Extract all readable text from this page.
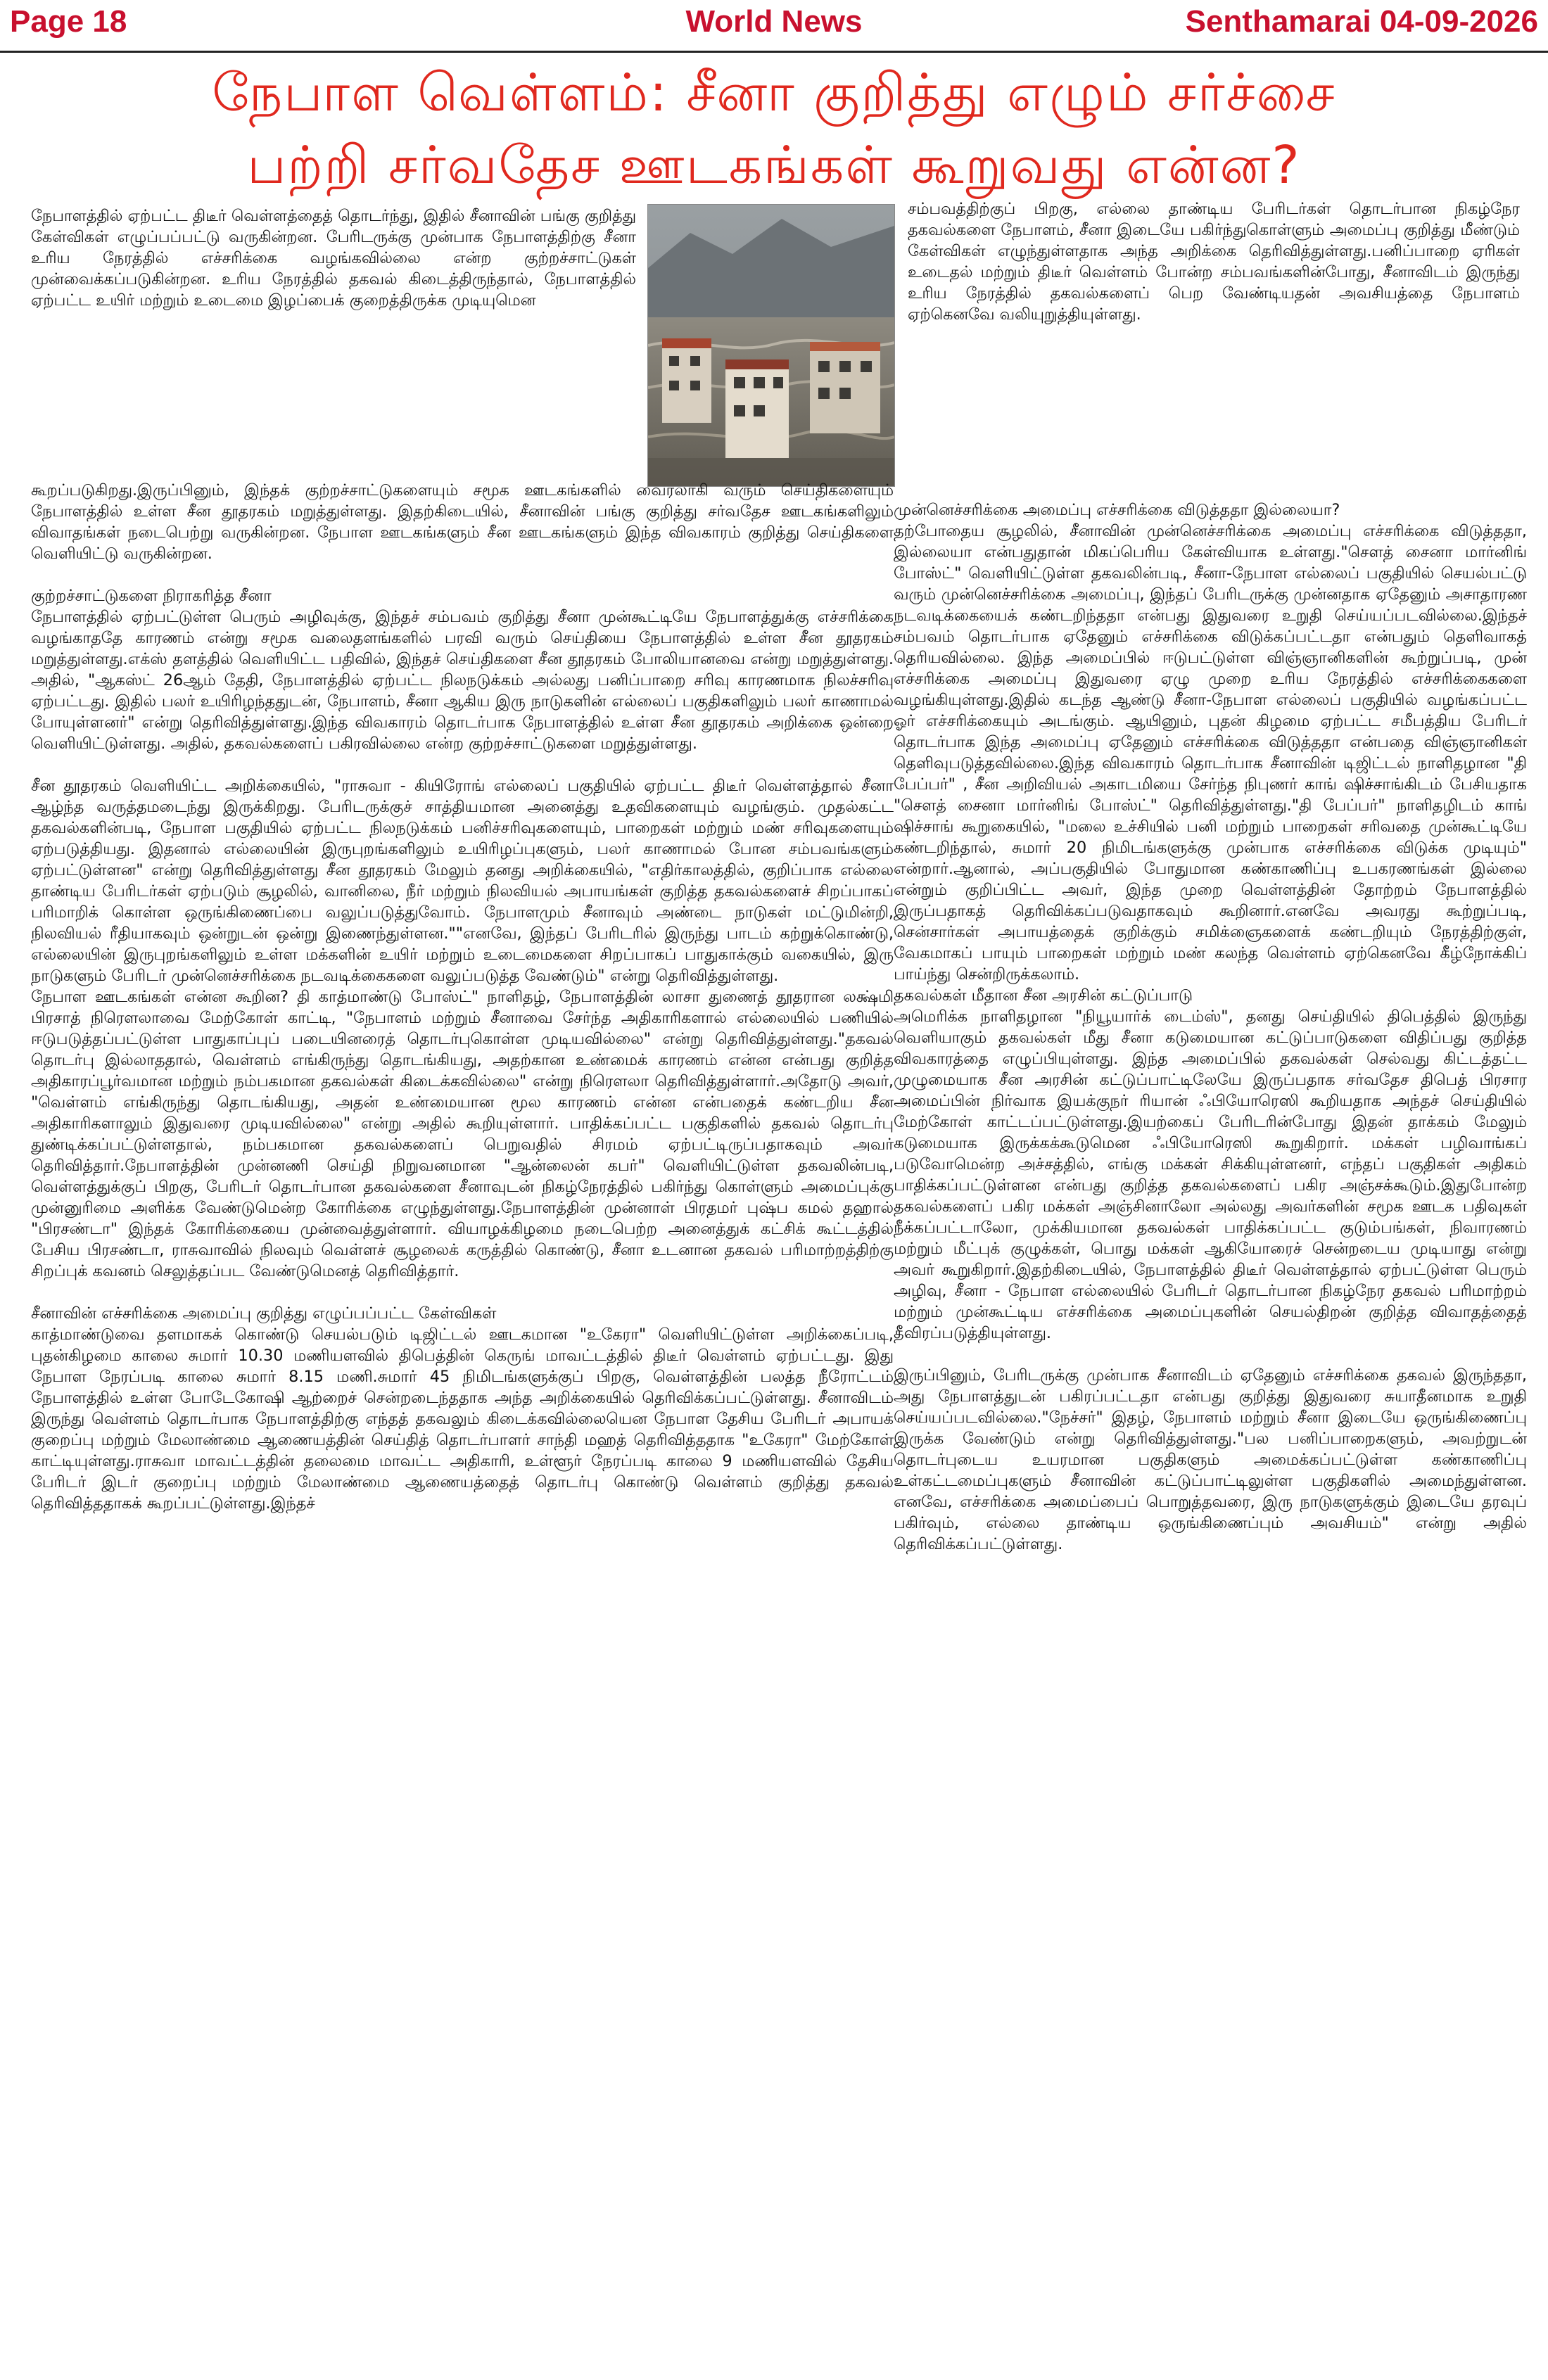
Page 18	World News	Senthamarai 04-09-2026
நேபாள வெள்ளம்: சீனா குறித்து எழும் சர்ச்சை
பற்றி சர்வதேச ஊடகங்கள் கூறுவது என்ன?

நேபாளத்தில் ஏற்பட்ட திடீர் வெள்ளத்தைத் தொடர்ந்து, இதில் சீனாவின் பங்கு குறித்து கேள்விகள் எழுப்பப்பட்டு வருகின்றன. பேரிடருக்கு முன்பாக நேபாளத்திற்கு சீனா உரிய நேரத்தில் எச்சரிக்கை வழங்கவில்லை என்ற குற்றச்சாட்டுகள் முன்வைக்கப்படுகின்றன. உரிய நேரத்தில் தகவல் கிடைத்திருந்தால், நேபாளத்தில் ஏற்பட்ட உயிர் மற்றும் உடைமை இழப்பைக் குறைத்திருக்க முடியுமென

கூறப்படுகிறது.இருப்பினும், இந்தக் குற்றச்சாட்டுகளையும் சமூக ஊடகங்களில் வைரலாகி வரும் செய்திகளையும் நேபாளத்தில் உள்ள சீன தூதரகம் மறுத்துள்ளது. இதற்கிடையில், சீனாவின் பங்கு குறித்து சர்வதேச ஊடகங்களிலும் விவாதங்கள் நடைபெற்று வருகின்றன. நேபாள ஊடகங்களும் சீன ஊடகங்களும் இந்த விவகாரம் குறித்து செய்திகளை வெளியிட்டு வருகின்றன.

குற்றச்சாட்டுகளை நிராகரித்த சீனா

நேபாளத்தில் ஏற்பட்டுள்ள பெரும் அழிவுக்கு, இந்தச் சம்பவம் குறித்து சீனா முன்கூட்டியே நேபாளத்துக்கு எச்சரிக்கை வழங்காததே காரணம் என்று சமூக வலைதளங்களில் பரவி வரும் செய்தியை நேபாளத்தில் உள்ள சீன தூதரகம் மறுத்துள்ளது.எக்ஸ் தளத்தில் வெளியிட்ட பதிவில், இந்தச் செய்திகளை சீன தூதரகம் போலியானவை என்று மறுத்துள்ளது. அதில், "ஆகஸ்ட் 26ஆம் தேதி, நேபாளத்தில் ஏற்பட்ட நிலநடுக்கம் அல்லது பனிப்பாறை சரிவு காரணமாக நிலச்சரிவு ஏற்பட்டது. இதில் பலர் உயிரிழந்ததுடன், நேபாளம், சீனா ஆகிய இரு நாடுகளின் எல்லைப் பகுதிகளிலும் பலர் காணாமல் போயுள்ளனர்" என்று தெரிவித்துள்ளது.இந்த விவகாரம் தொடர்பாக நேபாளத்தில் உள்ள சீன தூதரகம் அறிக்கை ஒன்றை வெளியிட்டுள்ளது. அதில், தகவல்களைப் பகிரவில்லை என்ற குற்றச்சாட்டுகளை மறுத்துள்ளது.

சீன தூதரகம் வெளியிட்ட அறிக்கையில், "ராசுவா - கியிரோங் எல்லைப் பகுதியில் ஏற்பட்ட திடீர் வெள்ளத்தால் சீனா ஆழ்ந்த வருத்தமடைந்து இருக்கிறது. பேரிடருக்குச் சாத்தியமான அனைத்து உதவிகளையும் வழங்கும். முதல்கட்ட தகவல்களின்படி, நேபாள பகுதியில் ஏற்பட்ட நிலநடுக்கம் பனிச்சரிவுகளையும், பாறைகள் மற்றும் மண் சரிவுகளையும் ஏற்படுத்தியது. இதனால் எல்லையின் இருபுறங்களிலும் உயிரிழப்புகளும், பலர் காணாமல் போன சம்பவங்களும் ஏற்பட்டுள்ளன" என்று தெரிவித்துள்ளது சீன தூதரகம் மேலும் தனது அறிக்கையில், "எதிர்காலத்தில், குறிப்பாக எல்லை தாண்டிய பேரிடர்கள் ஏற்படும் சூழலில், வானிலை, நீர் மற்றும் நிலவியல் அபாயங்கள் குறித்த தகவல்களைச் சிறப்பாகப் பரிமாறிக் கொள்ள ஒருங்கிணைப்பை வலுப்படுத்துவோம். நேபாளமும் சீனாவும் அண்டை நாடுகள் மட்டுமின்றி, நிலவியல் ரீதியாகவும் ஒன்றுடன் ஒன்று இணைந்துள்ளன.""எனவே, இந்தப் பேரிடரில் இருந்து பாடம் கற்றுக்கொண்டு, எல்லையின் இருபுறங்களிலும் உள்ள மக்களின் உயிர் மற்றும் உடைமைகளை சிறப்பாகப் பாதுகாக்கும் வகையில், இரு நாடுகளும் பேரிடர் முன்னெச்சரிக்கை நடவடிக்கைகளை வலுப்படுத்த வேண்டும்" என்று தெரிவித்துள்ளது.

நேபாள ஊடகங்கள் என்ன கூறின? தி காத்மாண்டு போஸ்ட்" நாளிதழ், நேபாளத்தின் லாசா துணைத் தூதரான லக்ஷ்மி பிரசாத் நிரௌலாவை மேற்கோள் காட்டி, "நேபாளம் மற்றும் சீனாவை சேர்ந்த அதிகாரிகளால் எல்லையில் பணியில் ஈடுபடுத்தப்பட்டுள்ள பாதுகாப்புப் படையினரைத் தொடர்புகொள்ள முடியவில்லை" என்று தெரிவித்துள்ளது."தகவல் தொடர்பு இல்லாததால், வெள்ளம் எங்கிருந்து தொடங்கியது, அதற்கான உண்மைக் காரணம் என்ன என்பது குறித்த அதிகாரப்பூர்வமான மற்றும் நம்பகமான தகவல்கள் கிடைக்கவில்லை" என்று நிரௌலா தெரிவித்துள்ளார்.அதோடு அவர், "வெள்ளம் எங்கிருந்து தொடங்கியது, அதன் உண்மையான மூல காரணம் என்ன என்பதைக் கண்டறிய சீன அதிகாரிகளாலும் இதுவரை முடியவில்லை" என்று அதில் கூறியுள்ளார். பாதிக்கப்பட்ட பகுதிகளில் தகவல் தொடர்பு துண்டிக்கப்பட்டுள்ளதால், நம்பகமான தகவல்களைப் பெறுவதில் சிரமம் ஏற்பட்டிருப்பதாகவும் அவர் தெரிவித்தார்.நேபாளத்தின் முன்னணி செய்தி நிறுவனமான "ஆன்லைன் கபர்" வெளியிட்டுள்ள தகவலின்படி, வெள்ளத்துக்குப் பிறகு, பேரிடர் தொடர்பான தகவல்களை சீனாவுடன் நிகழ்நேரத்தில் பகிர்ந்து கொள்ளும் அமைப்புக்கு முன்னுரிமை அளிக்க வேண்டுமென்ற கோரிக்கை எழுந்துள்ளது.நேபாளத்தின் முன்னாள் பிரதமர் புஷ்ப கமல் தஹால் "பிரசண்டா" இந்தக் கோரிக்கையை முன்வைத்துள்ளார். வியாழக்கிழமை நடைபெற்ற அனைத்துக் கட்சிக் கூட்டத்தில் பேசிய பிரசண்டா, ராசுவாவில் நிலவும் வெள்ளச் சூழலைக் கருத்தில் கொண்டு, சீனா உடனான தகவல் பரிமாற்றத்திற்கு சிறப்புக் கவனம் செலுத்தப்பட வேண்டுமெனத் தெரிவித்தார்.

சீனாவின் எச்சரிக்கை அமைப்பு குறித்து எழுப்பப்பட்ட கேள்விகள்

காத்மாண்டுவை தளமாகக் கொண்டு செயல்படும் டிஜிட்டல் ஊடகமான "உகேரா" வெளியிட்டுள்ள அறிக்கைப்படி, புதன்கிழமை காலை சுமார் 10.30 மணியளவில் திபெத்தின் கெருங் மாவட்டத்தில் திடீர் வெள்ளம் ஏற்பட்டது. இது நேபாள நேரப்படி காலை சுமார் 8.15 மணி.சுமார் 45 நிமிடங்களுக்குப் பிறகு, வெள்ளத்தின் பலத்த நீரோட்டம் நேபாளத்தில் உள்ள போடேகோஷி ஆற்றைச் சென்றடைந்ததாக அந்த அறிக்கையில் தெரிவிக்கப்பட்டுள்ளது. சீனாவிடம் இருந்து வெள்ளம் தொடர்பாக நேபாளத்திற்கு எந்தத் தகவலும் கிடைக்கவில்லையென நேபாள தேசிய பேரிடர் அபாயக் குறைப்பு மற்றும் மேலாண்மை ஆணையத்தின் செய்தித் தொடர்பாளர் சாந்தி மஹத் தெரிவித்ததாக "உகேரா" மேற்கோள் காட்டியுள்ளது.ராசுவா மாவட்டத்தின் தலைமை மாவட்ட அதிகாரி, உள்ளூர் நேரப்படி காலை 9 மணியளவில் தேசிய பேரிடர் இடர் குறைப்பு மற்றும் மேலாண்மை ஆணையத்தைத் தொடர்பு கொண்டு வெள்ளம் குறித்து தகவல் தெரிவித்ததாகக் கூறப்பட்டுள்ளது.இந்தச்

சம்பவத்திற்குப் பிறகு, எல்லை தாண்டிய பேரிடர்கள் தொடர்பான நிகழ்நேர தகவல்களை நேபாளம், சீனா இடையே பகிர்ந்துகொள்ளும் அமைப்பு குறித்து மீண்டும் கேள்விகள் எழுந்துள்ளதாக அந்த அறிக்கை தெரிவித்துள்ளது.பனிப்பாறை ஏரிகள் உடைதல் மற்றும் திடீர் வெள்ளம் போன்ற சம்பவங்களின்போது, சீனாவிடம் இருந்து உரிய நேரத்தில் தகவல்களைப் பெற வேண்டியதன் அவசியத்தை நேபாளம் ஏற்கெனவே வலியுறுத்தியுள்ளது.

முன்னெச்சரிக்கை அமைப்பு எச்சரிக்கை விடுத்ததா இல்லையா?

தற்போதைய சூழலில், சீனாவின் முன்னெச்சரிக்கை அமைப்பு எச்சரிக்கை விடுத்ததா, இல்லையா என்பதுதான் மிகப்பெரிய கேள்வியாக உள்ளது."சௌத் சைனா மார்னிங் போஸ்ட்" வெளியிட்டுள்ள தகவலின்படி, சீனா-நேபாள எல்லைப் பகுதியில் செயல்பட்டு வரும் முன்னெச்சரிக்கை அமைப்பு, இந்தப் பேரிடருக்கு முன்னதாக ஏதேனும் அசாதாரண நடவடிக்கையைக் கண்டறிந்ததா என்பது இதுவரை உறுதி செய்யப்படவில்லை.இந்தச் சம்பவம் தொடர்பாக ஏதேனும் எச்சரிக்கை விடுக்கப்பட்டதா என்பதும் தெளிவாகத் தெரியவில்லை. இந்த அமைப்பில் ஈடுபட்டுள்ள விஞ்ஞானிகளின் கூற்றுப்படி, முன் எச்சரிக்கை அமைப்பு இதுவரை ஏழு முறை உரிய நேரத்தில் எச்சரிக்கைகளை வழங்கியுள்ளது.இதில் கடந்த ஆண்டு சீனா-நேபாள எல்லைப் பகுதியில் வழங்கப்பட்ட ஓர் எச்சரிக்கையும் அடங்கும். ஆயினும், புதன் கிழமை ஏற்பட்ட சமீபத்திய பேரிடர் தொடர்பாக இந்த அமைப்பு ஏதேனும் எச்சரிக்கை விடுத்ததா என்பதை விஞ்ஞானிகள் தெளிவுபடுத்தவில்லை.இந்த விவகாரம் தொடர்பாக சீனாவின் டிஜிட்டல் நாளிதழான "தி பேப்பர்" , சீன அறிவியல் அகாடமியை சேர்ந்த நிபுணர் காங் ஷிச்சாங்கிடம் பேசியதாக "சௌத் சைனா மார்னிங் போஸ்ட்" தெரிவித்துள்ளது."தி பேப்பர்" நாளிதழிடம் காங் ஷிச்சாங் கூறுகையில், "மலை உச்சியில் பனி மற்றும் பாறைகள் சரிவதை முன்கூட்டியே கண்டறிந்தால், சுமார் 20 நிமிடங்களுக்கு முன்பாக எச்சரிக்கை விடுக்க முடியும்" என்றார்.ஆனால், அப்பகுதியில் போதுமான கண்காணிப்பு உபகரணங்கள் இல்லை என்றும் குறிப்பிட்ட அவர், இந்த முறை வெள்ளத்தின் தோற்றம் நேபாளத்தில் இருப்பதாகத் தெரிவிக்கப்படுவதாகவும் கூறினார்.எனவே அவரது கூற்றுப்படி, சென்சார்கள் அபாயத்தைக் குறிக்கும் சமிக்ஞைகளைக் கண்டறியும் நேரத்திற்குள், வேகமாகப் பாயும் பாறைகள் மற்றும் மண் கலந்த வெள்ளம் ஏற்கெனவே கீழ்நோக்கிப் பாய்ந்து சென்றிருக்கலாம்.

தகவல்கள் மீதான சீன அரசின் கட்டுப்பாடு

அமெரிக்க நாளிதழான "நியூயார்க் டைம்ஸ்", தனது செய்தியில் திபெத்தில் இருந்து வெளியாகும் தகவல்கள் மீது சீனா கடுமையான கட்டுப்பாடுகளை விதிப்பது குறித்த விவகாரத்தை எழுப்பியுள்ளது. இந்த அமைப்பில் தகவல்கள் செல்வது கிட்டத்தட்ட முழுமையாக சீன அரசின் கட்டுப்பாட்டிலேயே இருப்பதாக சர்வதேச திபெத் பிரசார அமைப்பின் நிர்வாக இயக்குநர் ரியான் ஃபியோரெஸி கூறியதாக அந்தச் செய்தியில் மேற்கோள் காட்டப்பட்டுள்ளது.இயற்கைப் பேரிடரின்போது இதன் தாக்கம் மேலும் கடுமையாக இருக்கக்கூடுமென ஃபியோரெஸி கூறுகிறார். மக்கள் பழிவாங்கப் படுவோமென்ற அச்சத்தில், எங்கு மக்கள் சிக்கியுள்ளனர், எந்தப் பகுதிகள் அதிகம் பாதிக்கப்பட்டுள்ளன என்பது குறித்த தகவல்களைப் பகிர அஞ்சக்கூடும்.இதுபோன்ற தகவல்களைப் பகிர மக்கள் அஞ்சினாலோ அல்லது அவர்களின் சமூக ஊடக பதிவுகள் நீக்கப்பட்டாலோ, முக்கியமான தகவல்கள் பாதிக்கப்பட்ட குடும்பங்கள், நிவாரணம் மற்றும் மீட்புக் குழுக்கள், பொது மக்கள் ஆகியோரைச் சென்றடைய முடியாது என்று அவர் கூறுகிறார்.இதற்கிடையில், நேபாளத்தில் திடீர் வெள்ளத்தால் ஏற்பட்டுள்ள பெரும் அழிவு, சீனா - நேபாள எல்லையில் பேரிடர் தொடர்பான நிகழ்நேர தகவல் பரிமாற்றம் மற்றும் முன்கூட்டிய எச்சரிக்கை அமைப்புகளின் செயல்திறன் குறித்த விவாதத்தைத் தீவிரப்படுத்தியுள்ளது.

இருப்பினும், பேரிடருக்கு முன்பாக சீனாவிடம் ஏதேனும் எச்சரிக்கை தகவல் இருந்ததா, அது நேபாளத்துடன் பகிரப்பட்டதா என்பது குறித்து இதுவரை சுயாதீனமாக உறுதி செய்யப்படவில்லை."நேச்சர்" இதழ், நேபாளம் மற்றும் சீனா இடையே ஒருங்கிணைப்பு இருக்க வேண்டும் என்று தெரிவித்துள்ளது."பல பனிப்பாறைகளும், அவற்றுடன் தொடர்புடைய உயரமான பகுதிகளும் அமைக்கப்பட்டுள்ள கண்காணிப்பு உள்கட்டமைப்புகளும் சீனாவின் கட்டுப்பாட்டிலுள்ள பகுதிகளில் அமைந்துள்ளன. எனவே, எச்சரிக்கை அமைப்பைப் பொறுத்தவரை, இரு நாடுகளுக்கும் இடையே தரவுப் பகிர்வும், எல்லை தாண்டிய ஒருங்கிணைப்பும் அவசியம்" என்று அதில் தெரிவிக்கப்பட்டுள்ளது.
